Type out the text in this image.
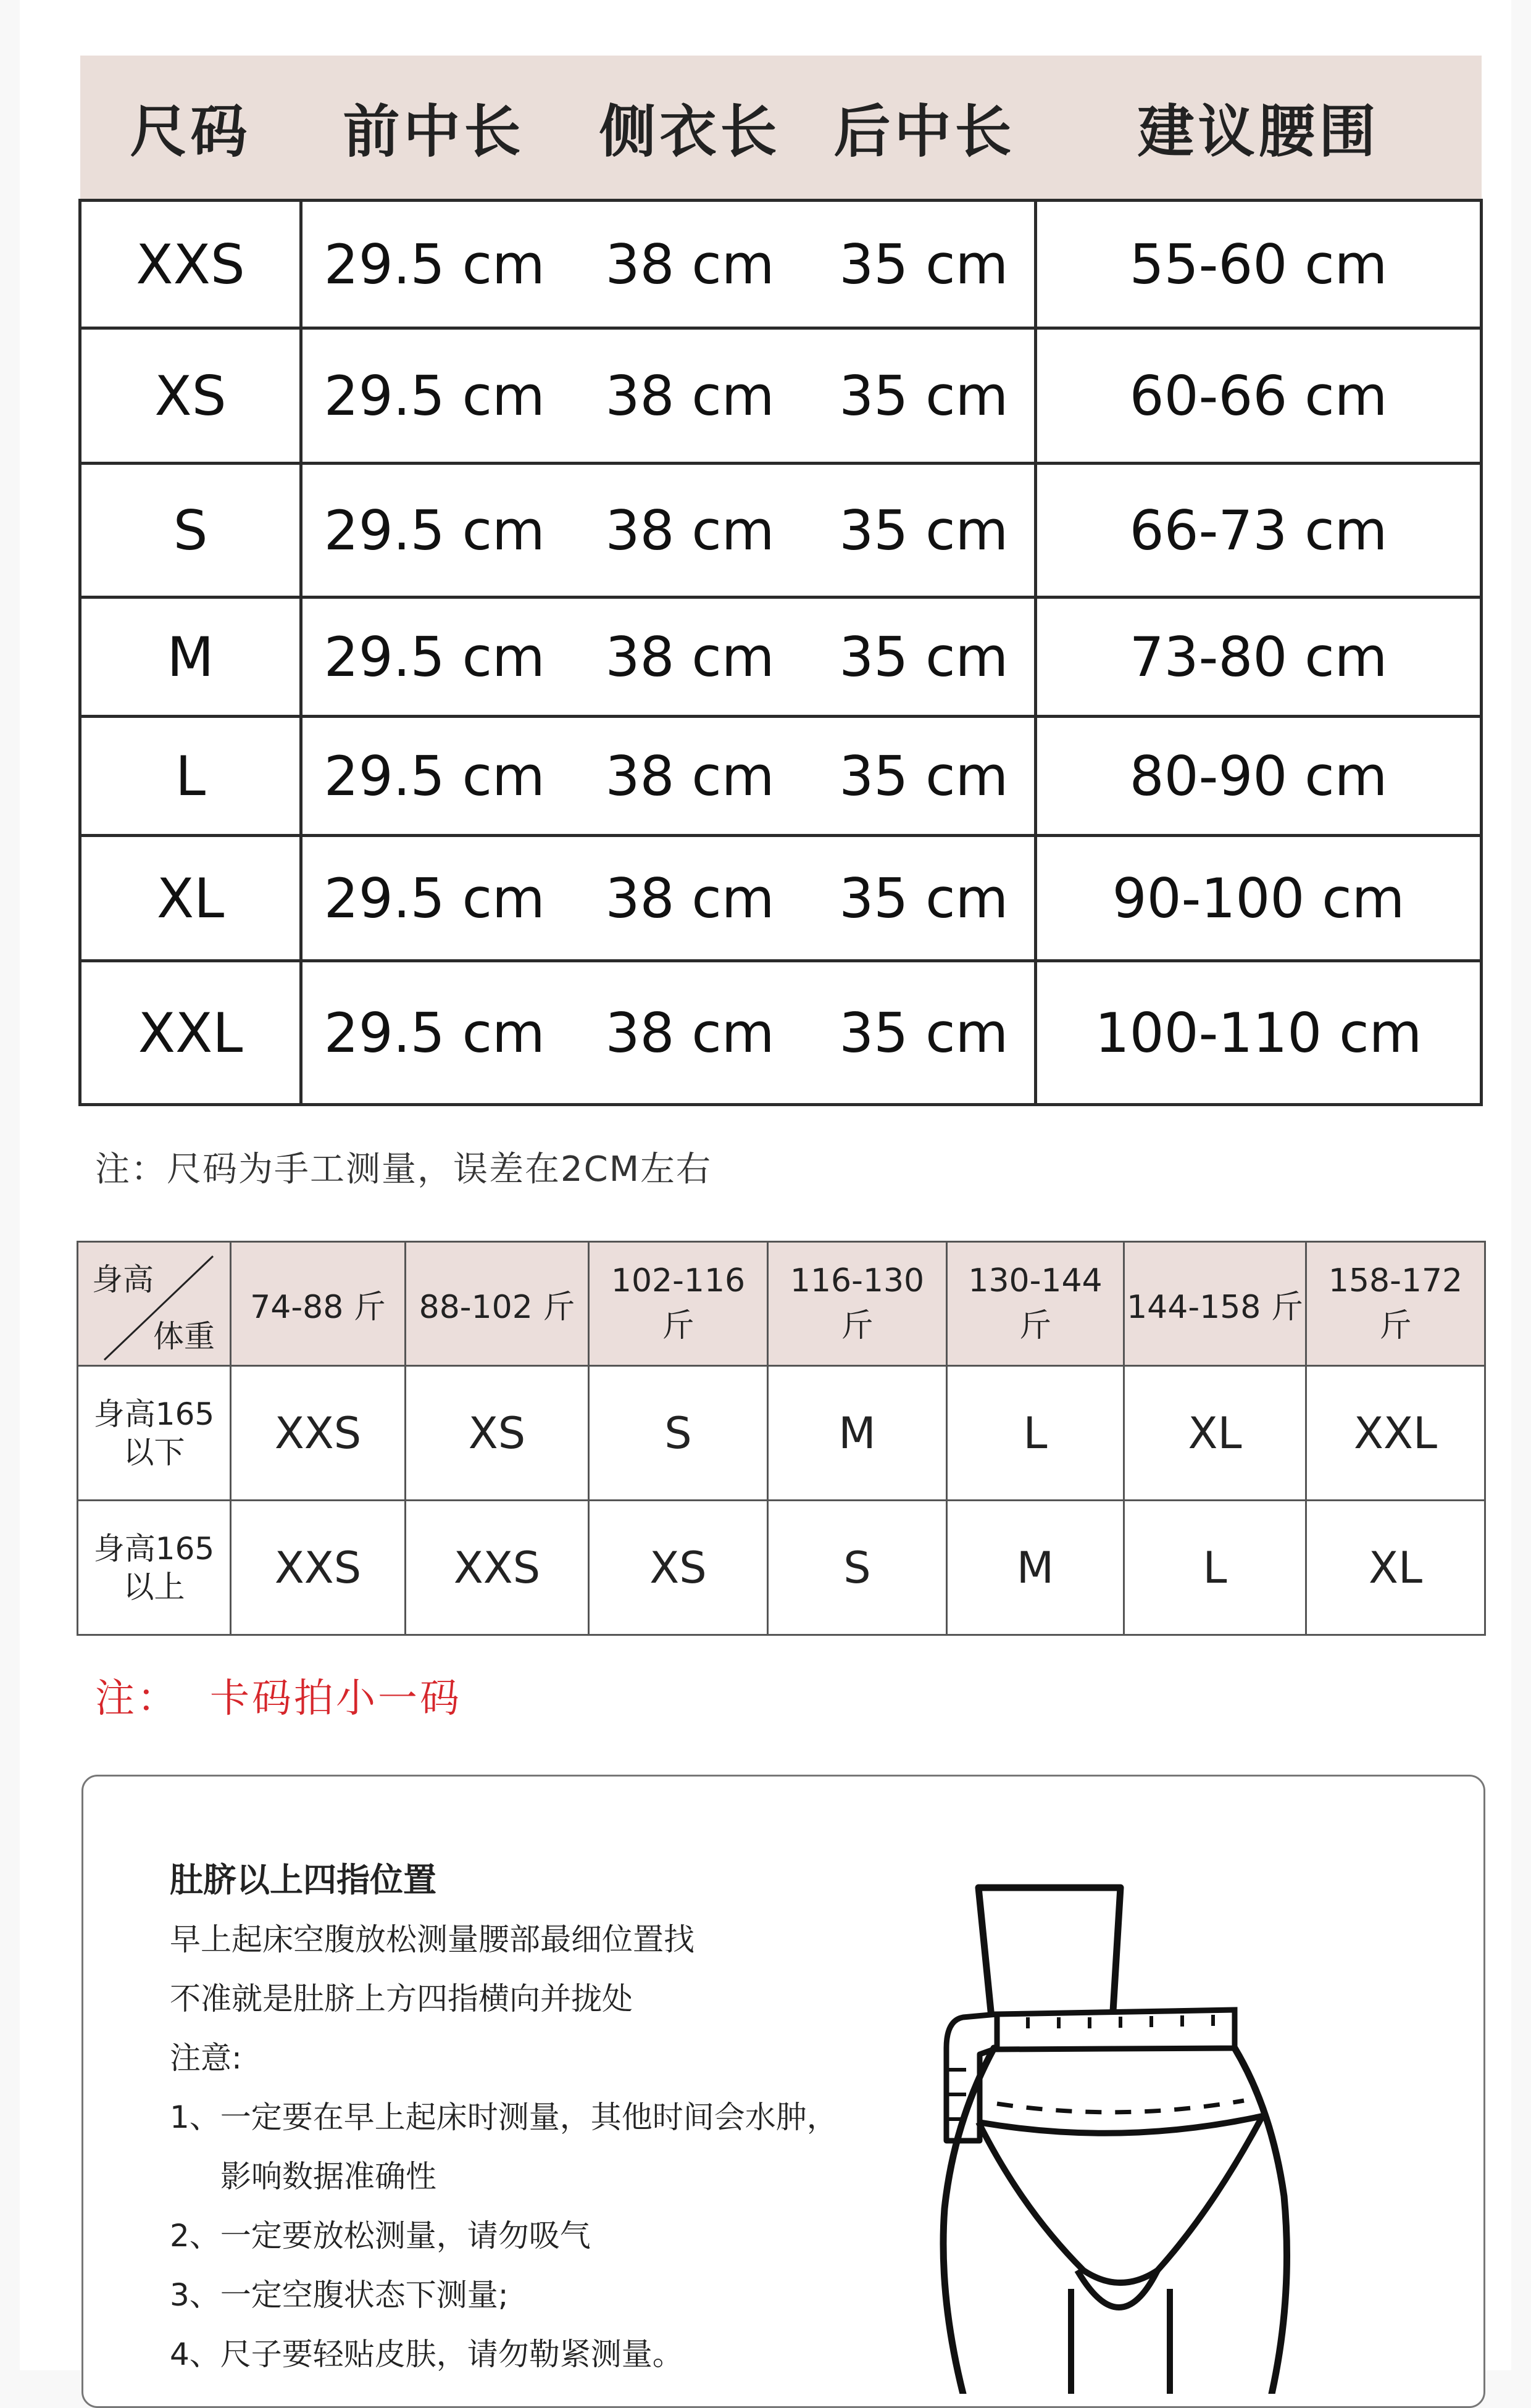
尺码	前中长	侧衣长	后中长	建议腰围
XXS	29.5 cm	38 cm	35 cm	55-60 cm
XS	29.5 cm	38 cm	35 cm	60-66 cm
S	29.5 cm	38 cm	35 cm	66-73 cm
M	29.5 cm	38 cm	35 cm	73-80 cm
L	29.5 cm	38 cm	35 cm	80-90 cm
XL	29.5 cm	38 cm	35 cm	90-100 cm
XXL	29.5 cm	38 cm	35 cm	100-110 cm
注：尺码为手工测量，误差在2CM左右
身高
体重	74-88 斤	88-102 斤	102-116 斤	116-130 斤	130-144 斤	144-158 斤	158-172 斤
身高165
以下	XXS	XS	S	M	L	XL	XXL
身高165
以上	XXS	XXS	XS	S	M	L	XL
注： 卡码拍小一码
肚脐以上四指位置
早上起床空腹放松测量腰部最细位置找
不准就是肚脐上方四指横向并拢处
注意:
1、一定要在早上起床时测量，其他时间会水肿，
影响数据准确性
2、一定要放松测量，请勿吸气
3、一定空腹状态下测量;
4、尺子要轻贴皮肤，请勿勒紧测量。
